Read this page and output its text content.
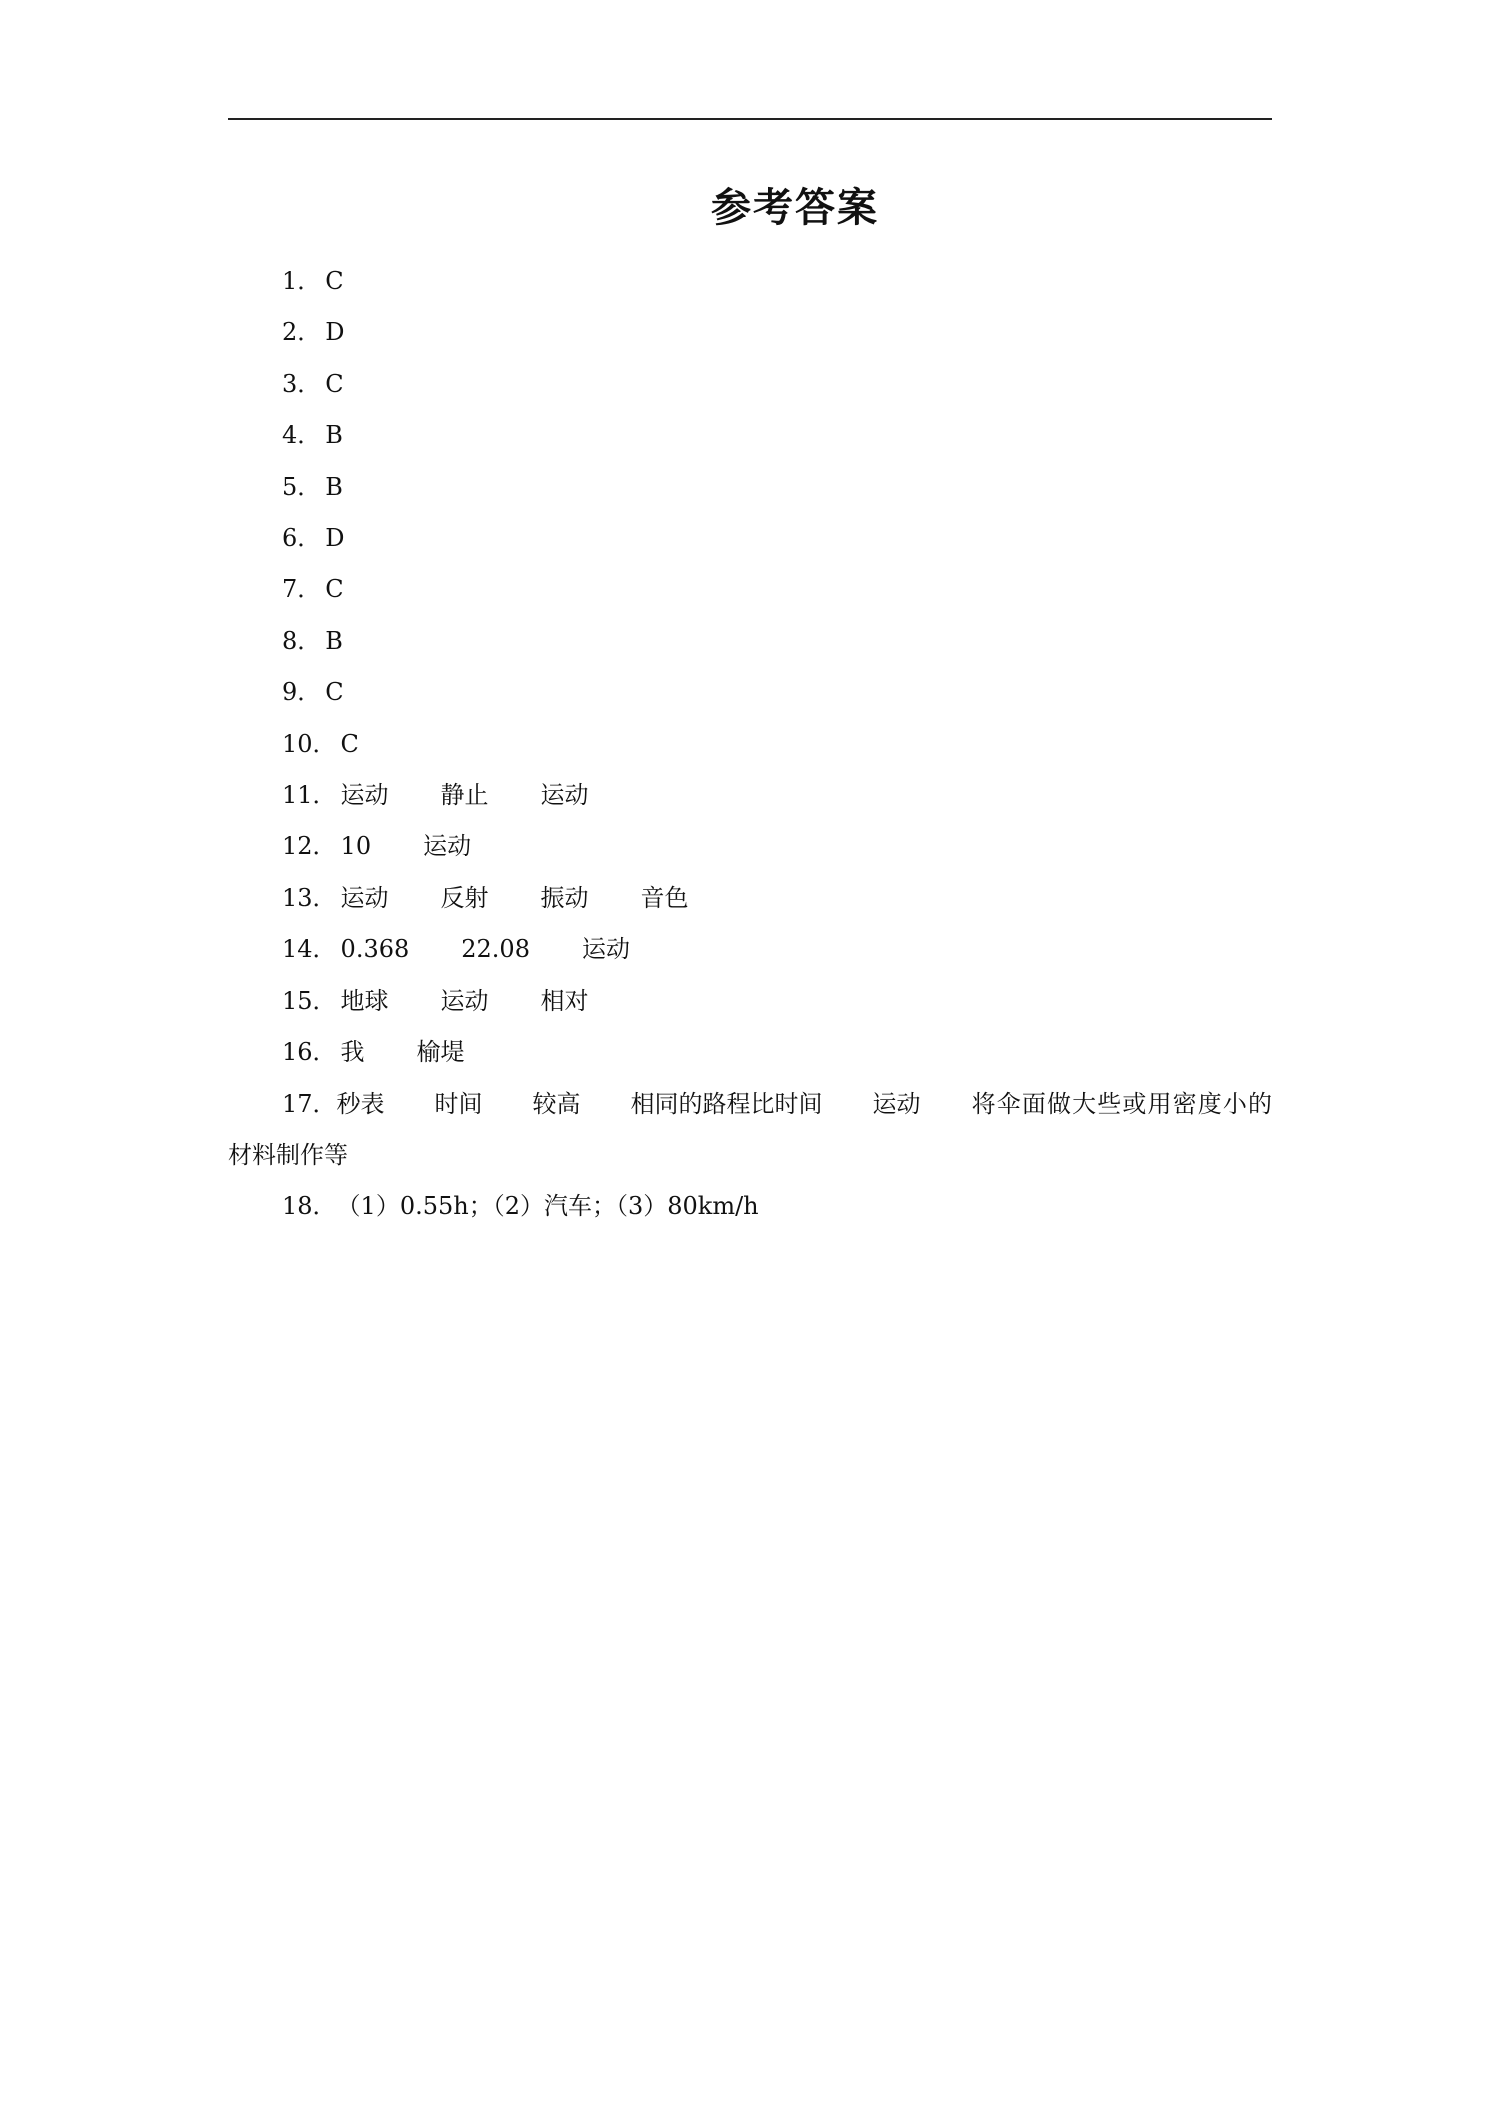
参考答案
1． C
2． D
3． C
4． B
5． B
6． D
7． C
8． B
9． C
10． C
11． 运动 静止 运动
12． 10 运动
13． 运动 反射 振动 音色
14． 0.368 22.08 运动
15． 地球 运动 相对
16． 我 榆堤
17．秒表 时间 较高 相同的路程比时间 运动 将伞面做大些或用密度小的材料制作等
18．（1）0.55h；（2）汽车；（3）80km/h
